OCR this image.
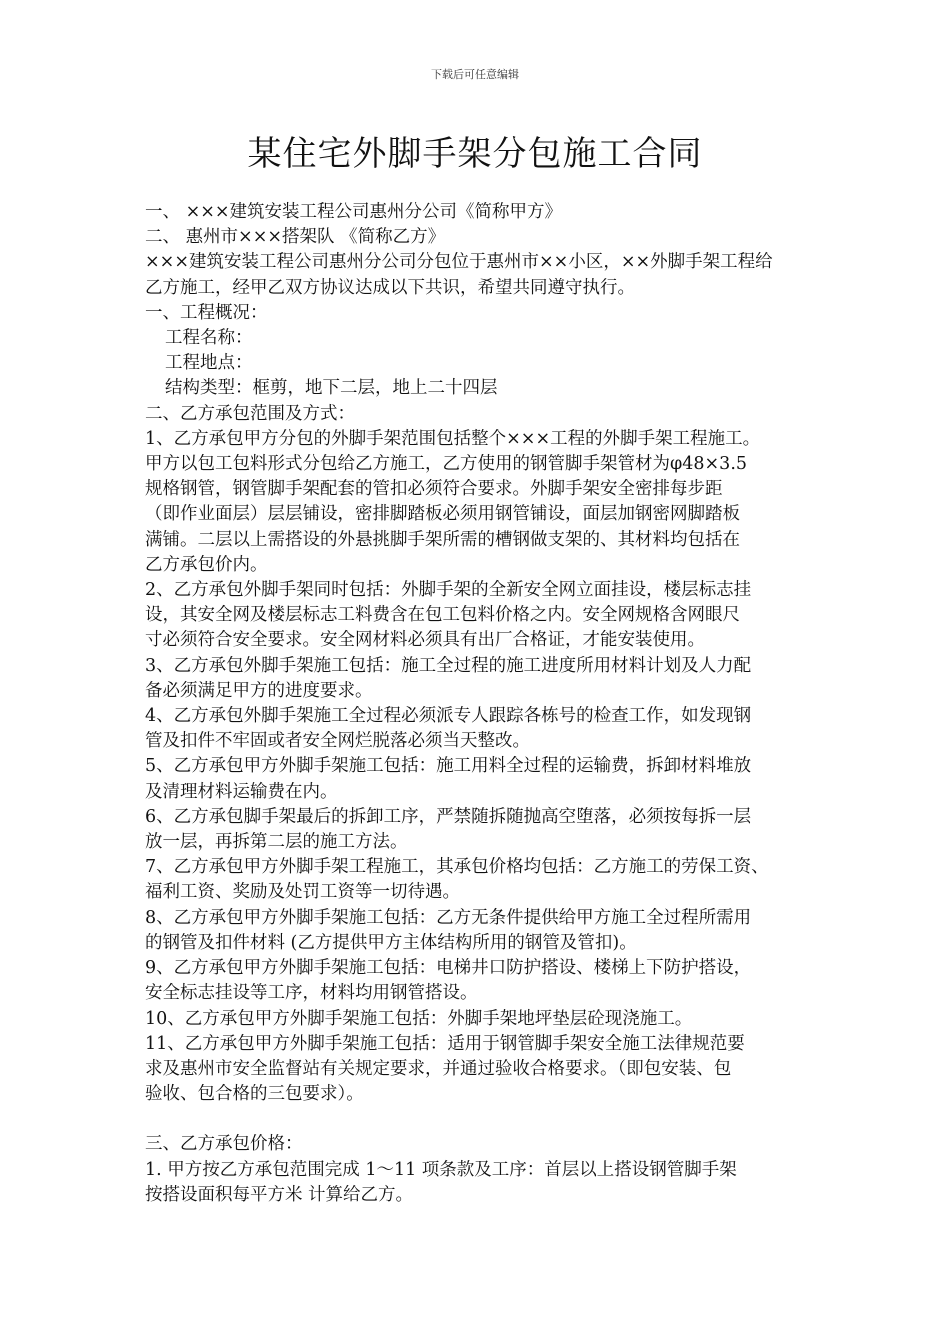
下载后可任意编辑
某住宅外脚手架分包施工合同
一、 ×××建筑安装工程公司惠州分公司《简称甲方》
二、 惠州市×××搭架队 《简称乙方》
×××建筑安装工程公司惠州分公司分包位于惠州市××小区，××外脚手架工程给
乙方施工，经甲乙双方协议达成以下共识，希望共同遵守执行。
一、工程概况：
工程名称：
工程地点：
结构类型：框剪，地下二层，地上二十四层
二、乙方承包范围及方式：
1、乙方承包甲方分包的外脚手架范围包括整个×××工程的外脚手架工程施工。
甲方以包工包料形式分包给乙方施工，乙方使用的钢管脚手架管材为φ48×3.5
规格钢管，钢管脚手架配套的管扣必须符合要求。外脚手架安全密排每步距
（即作业面层）层层铺设，密排脚踏板必须用钢管铺设，面层加钢密网脚踏板
满铺。二层以上需搭设的外悬挑脚手架所需的槽钢做支架的、其材料均包括在
乙方承包价内。
2、乙方承包外脚手架同时包括：外脚手架的全新安全网立面挂设，楼层标志挂
设，其安全网及楼层标志工料费含在包工包料价格之内。安全网规格含网眼尺
寸必须符合安全要求。安全网材料必须具有出厂合格证，才能安装使用。
3、乙方承包外脚手架施工包括：施工全过程的施工进度所用材料计划及人力配
备必须满足甲方的进度要求。
4、乙方承包外脚手架施工全过程必须派专人跟踪各栋号的检查工作，如发现钢
管及扣件不牢固或者安全网烂脱落必须当天整改。
5、乙方承包甲方外脚手架施工包括：施工用料全过程的运输费，拆卸材料堆放
及清理材料运输费在内。
6、乙方承包脚手架最后的拆卸工序，严禁随拆随抛高空堕落，必须按每拆一层
放一层，再拆第二层的施工方法。
7、乙方承包甲方外脚手架工程施工，其承包价格均包括：乙方施工的劳保工资、
福利工资、奖励及处罚工资等一切待遇。
8、乙方承包甲方外脚手架施工包括：乙方无条件提供给甲方施工全过程所需用
的钢管及扣件材料 (乙方提供甲方主体结构所用的钢管及管扣)。
9、乙方承包甲方外脚手架施工包括：电梯井口防护搭设、楼梯上下防护搭设，
安全标志挂设等工序，材料均用钢管搭设。
10、乙方承包甲方外脚手架施工包括：外脚手架地坪垫层砼现浇施工。
11、乙方承包甲方外脚手架施工包括：适用于钢管脚手架安全施工法律规范要
求及惠州市安全监督站有关规定要求，并通过验收合格要求。（即包安装、包
验收、包合格的三包要求）。
三、乙方承包价格：
1. 甲方按乙方承包范围完成 1～11 项条款及工序：首层以上搭设钢管脚手架
按搭设面积每平方米 计算给乙方。
